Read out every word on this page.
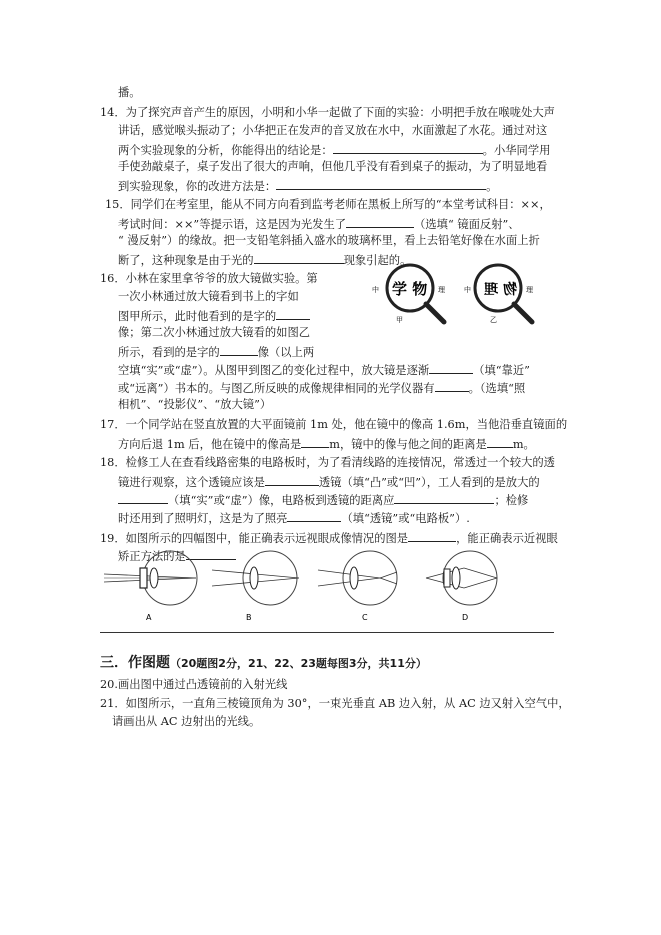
播。
14．为了探究声音产生的原因，小明和小华一起做了下面的实验：小明把手放在喉咙处大声
讲话，感觉喉头振动了；小华把正在发声的音叉放在水中，水面激起了水花。通过对这
两个实验现象的分析，你能得出的结论是：	。小华同学用
手使劲敲桌子，桌子发出了很大的声响，但他几乎没有看到桌子的振动，为了明显地看
到实验现象，你的改进方法是：	。
15．同学们在考室里，能从不同方向看到监考老师在黑板上所写的“本堂考试科目：××，
考试时间：××”等提示语，这是因为光发生了	（选填“ 镜面反射”、
“ 漫反射”）的缘故。把一支铅笔斜插入盛水的玻璃杯里，看上去铅笔好像在水面上折
断了，这种现象是由于光的	现象引起的。
16．小林在家里拿爷爷的放大镜做实验。第
一次小林通过放大镜看到书上的字如
图甲所示，此时他看到的是字的
像；第二次小林通过放大镜看的如图乙
所示，看到的是字的	像（以上两
空填“实”或“虚”）。从图甲到图乙的变化过程中，放大镜是逐渐	（填“靠近”
或“远离”）书本的。与图乙所反映的成像规律相同的光学仪器有	。（选填“照
相机”、“投影仪”、“放大镜”）
中 学 物 理
甲
中 物 理 理
乙
17．一个同学站在竖直放置的大平面镜前 1m 处，他在镜中的像高 1.6m，当他沿垂直镜面的
方向后退 1m 后，他在镜中的像高是 m，镜中的像与他之间的距离是 m。
18．检修工人在查看线路密集的电路板时，为了看清线路的连接情况，常透过一个较大的透
镜进行观察，这个透镜应该是	透镜（填“凸”或“凹”），工人看到的是放大的
（填“实”或“虚”）像，电路板到透镜的距离应	；检修
时还用到了照明灯，这是为了照亮	（填“透镜”或“电路板”）.
19．如图所示的四幅图中，能正确表示远视眼成像情况的图是	，能正确表示近视眼
矫正方法的是
A	B	C	D
三．作图题（20题图2分，21、22、23题每图3分，共11分）
20.画出图中通过凸透镜前的入射光线
21．如图所示，一直角三棱镜顶角为 30°，一束光垂直 AB 边入射，从 AC 边又射入空气中，
请画出从 AC 边射出的光线。
